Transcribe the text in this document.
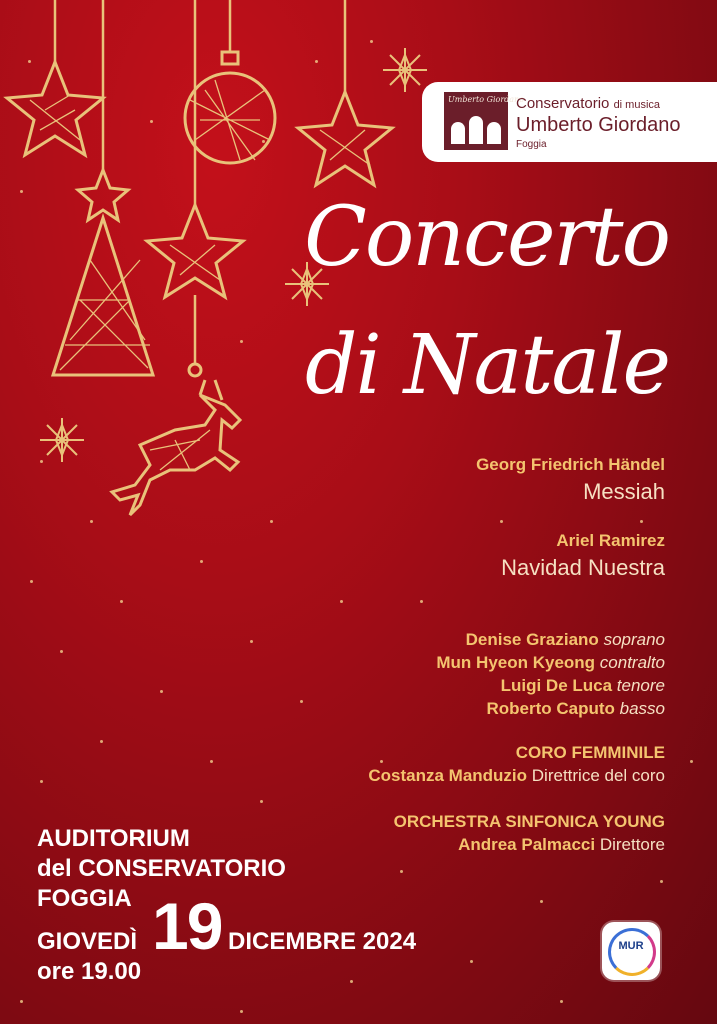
Umberto Giordano
Conservatorio di musica
Umberto Giordano
Foggia
Concerto
di Natale
Georg Friedrich Händel
Messiah
Ariel Ramirez
Navidad Nuestra
Denise Graziano soprano
Mun Hyeon Kyeong contralto
Luigi De Luca tenore
Roberto Caputo basso
CORO FEMMINILE
Costanza Manduzio Direttrice del coro
ORCHESTRA SINFONICA YOUNG
Andrea Palmacci Direttore
AUDITORIUM
del CONSERVATORIO
FOGGIA
GIOVEDÌ 19 DICEMBRE 2024
ore 19.00
MUR
